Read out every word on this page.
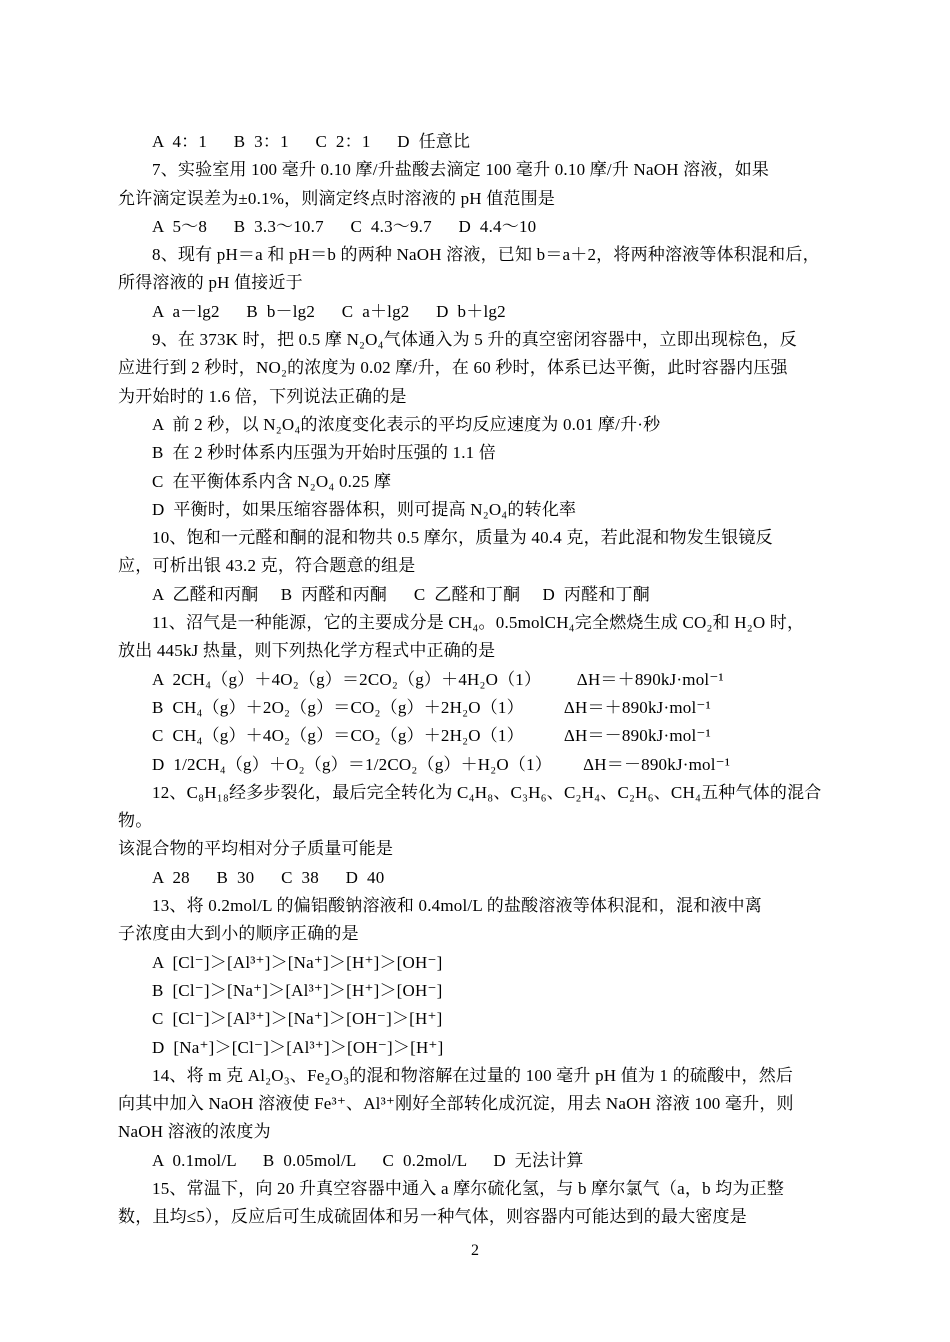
A  4：1      B  3：1      C  2：1      D  任意比

7、实验室用 100 毫升 0.10 摩/升盐酸去滴定 100 毫升 0.10 摩/升 NaOH 溶液，如果

允许滴定误差为±0.1%，则滴定终点时溶液的 pH 值范围是

A  5～8      B  3.3～10.7      C  4.3～9.7      D  4.4～10

8、现有 pH＝a 和 pH＝b 的两种 NaOH 溶液，已知 b＝a＋2，将两种溶液等体积混和后，

所得溶液的 pH 值接近于

A  a－lg2      B  b－lg2      C  a＋lg2      D  b＋lg2

9、在 373K 时，把 0.5 摩 N₂O₄气体通入为 5 升的真空密闭容器中，立即出现棕色，反

应进行到 2 秒时，NO₂的浓度为 0.02 摩/升，在 60 秒时，体系已达平衡，此时容器内压强

为开始时的 1.6 倍，下列说法正确的是

A  前 2 秒，以 N₂O₄的浓度变化表示的平均反应速度为 0.01 摩/升·秒

B  在 2 秒时体系内压强为开始时压强的 1.1 倍

C  在平衡体系内含 N₂O₄ 0.25 摩

D  平衡时，如果压缩容器体积，则可提高 N₂O₄的转化率

10、饱和一元醛和酮的混和物共 0.5 摩尔，质量为 40.4 克，若此混和物发生银镜反

应，可析出银 43.2 克，符合题意的组是

A  乙醛和丙酮     B  丙醛和丙酮      C  乙醛和丁酮     D  丙醛和丁酮

11、沼气是一种能源，它的主要成分是 CH₄。0.5molCH₄完全燃烧生成 CO₂和 H₂O 时，

放出 445kJ 热量，则下列热化学方程式中正确的是

A  2CH₄（g）＋4O₂（g）＝2CO₂（g）＋4H₂O（1）        ΔH＝＋890kJ·mol⁻¹

B  CH₄（g）＋2O₂（g）＝CO₂（g）＋2H₂O（1）         ΔH＝＋890kJ·mol⁻¹

C  CH₄（g）＋4O₂（g）＝CO₂（g）＋2H₂O（1）         ΔH＝－890kJ·mol⁻¹

D  1/2CH₄（g）＋O₂（g）＝1/2CO₂（g）＋H₂O（1）       ΔH＝－890kJ·mol⁻¹

12、C₈H₁₈经多步裂化，最后完全转化为 C₄H₈、C₃H₆、C₂H₄、C₂H₆、CH₄五种气体的混合物。

该混合物的平均相对分子质量可能是

A  28      B  30      C  38      D  40

13、将 0.2mol/L 的偏铝酸钠溶液和 0.4mol/L 的盐酸溶液等体积混和，混和液中离

子浓度由大到小的顺序正确的是

A  [Cl⁻]＞[Al³⁺]＞[Na⁺]＞[H⁺]＞[OH⁻]

B  [Cl⁻]＞[Na⁺]＞[Al³⁺]＞[H⁺]＞[OH⁻]

C  [Cl⁻]＞[Al³⁺]＞[Na⁺]＞[OH⁻]＞[H⁺]

D  [Na⁺]＞[Cl⁻]＞[Al³⁺]＞[OH⁻]＞[H⁺]

14、将 m 克 Al₂O₃、Fe₂O₃的混和物溶解在过量的 100 毫升 pH 值为 1 的硫酸中，然后

向其中加入 NaOH 溶液使 Fe³⁺、Al³⁺刚好全部转化成沉淀，用去 NaOH 溶液 100 毫升，则

NaOH 溶液的浓度为

A  0.1mol/L      B  0.05mol/L      C  0.2mol/L      D  无法计算

15、常温下，向 20 升真空容器中通入 a 摩尔硫化氢，与 b 摩尔氯气（a，b 均为正整

数，且均≤5），反应后可生成硫固体和另一种气体，则容器内可能达到的最大密度是

2
